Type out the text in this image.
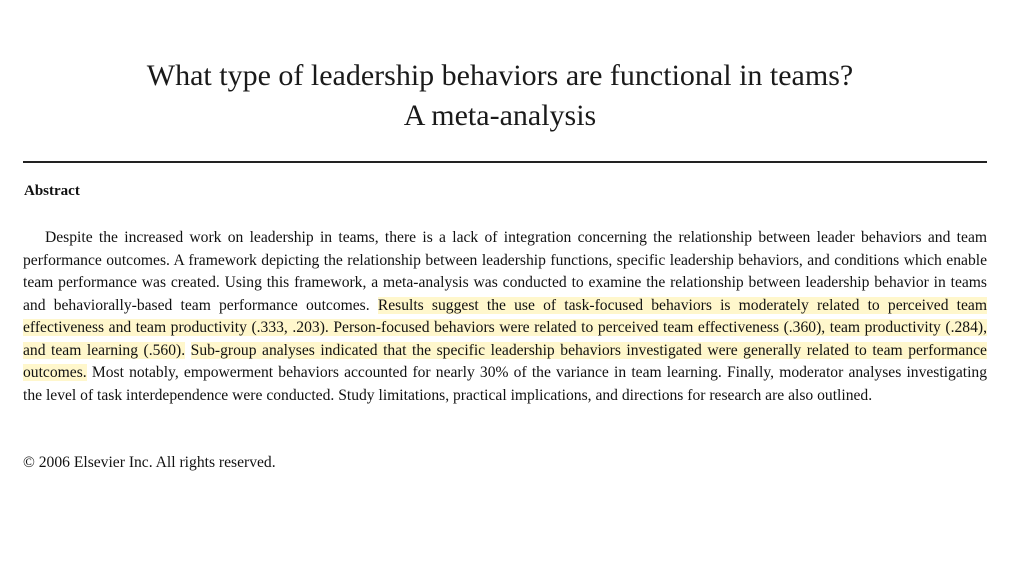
What type of leadership behaviors are functional in teams?
A meta-analysis
Abstract

Despite the increased work on leadership in teams, there is a lack of integration concerning the relationship between leader behaviors and team performance outcomes. A framework depicting the relationship between leadership functions, specific leadership behaviors, and conditions which enable team performance was created. Using this framework, a meta-analysis was conducted to examine the relationship between leadership behavior in teams and behaviorally-based team performance outcomes. Results suggest the use of task-focused behaviors is moderately related to perceived team effectiveness and team productivity (.333, .203). Person-focused behaviors were related to perceived team effectiveness (.360), team productivity (.284), and team learning (.560). Sub-group analyses indicated that the specific leadership behaviors investigated were generally related to team performance outcomes. Most notably, empowerment behaviors accounted for nearly 30% of the variance in team learning. Finally, moderator analyses investigating the level of task interdependence were conducted. Study limitations, practical implications, and directions for research are also outlined.

© 2006 Elsevier Inc. All rights reserved.
